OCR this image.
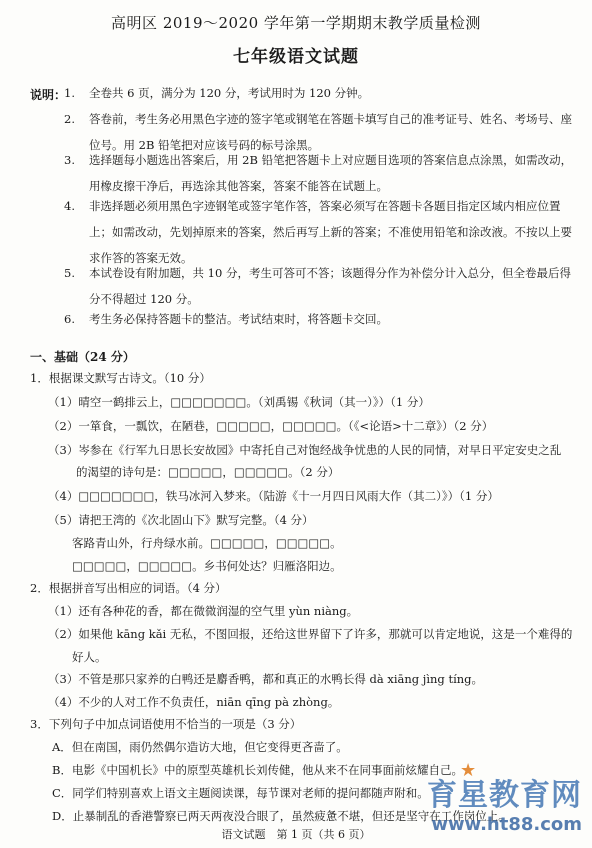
高明区 2019～2020 学年第一学期期末教学质量检测
七年级语文试题
说明：
1.	全卷共 6 页，满分为 120 分，考试用时为 120 分钟。
2.	答卷前，考生务必用黑色字迹的签字笔或钢笔在答题卡填写自己的准考证号、姓名、考场号、座位号。用 2B 铅笔把对应该号码的标号涂黑。
3.	选择题每小题选出答案后，用 2B 铅笔把答题卡上对应题目选项的答案信息点涂黑，如需改动，用橡皮擦干净后，再选涂其他答案，答案不能答在试题上。
4.	非选择题必须用黑色字迹钢笔或签字笔作答，答案必须写在答题卡各题目指定区域内相应位置上；如需改动，先划掉原来的答案，然后再写上新的答案；不准使用铅笔和涂改液。不按以上要求作答的答案无效。
5.	本试卷设有附加题，共 10 分，考生可答可不答；该题得分作为补偿分计入总分，但全卷最后得分不得超过 120 分。
6.	考生务必保持答题卡的整洁。考试结束时，将答题卡交回。
一、基础（24 分）
1．根据课文默写古诗文。（10 分）
（1）晴空一鹤排云上，□□□□□□□。（刘禹锡《秋词（其一）》）（1 分）
（2）一箪食，一瓢饮，在陋巷，□□□□□，□□□□□。（《<论语>十二章》）（2 分）
（3）岑参在《行军九日思长安故园》中寄托自己对饱经战争忧患的人民的同情，对早日平定安史之乱
的渴望的诗句是：□□□□□，□□□□□。（2 分）
（4）□□□□□□□，铁马冰河入梦来。（陆游《十一月四日风雨大作（其二）》）（1 分）
（5）请把王湾的《次北固山下》默写完整。（4 分）
客路青山外，行舟绿水前。□□□□□，□□□□□。
□□□□□，□□□□□。乡书何处达？归雁洛阳边。
2．根据拼音写出相应的词语。（4 分）
（1）还有各种花的香，都在微微润湿的空气里 yùn niàng。
（2）如果他 kāng kǎi 无私，不图回报，还给这世界留下了许多，那就可以肯定地说，这是一个难得的
好人。
（3）不管是那只家养的白鸭还是麝香鸭，都和真正的水鸭长得 dà xiāng jìng tíng。
（4）不少的人对工作不负责任，niān qīng pà zhòng。
3．下列句子中加点词语使用不恰当的一项是（3 分）
A．但在南国，雨仍然偶尔造访大地，但它变得更吝啬了。
B．电影《中国机长》中的原型英雄机长刘传健，他从来不在同事面前炫耀自己。
C．同学们特别喜欢上语文主题阅读课，每节课对老师的提问都随声附和。
D．止暴制乱的香港警察已两天两夜没合眼了，虽然疲惫不堪，但还是坚守在工作岗位上。
语文试题　第 1 页（共 6 页）
★
育星教育网
www.ht88.com
